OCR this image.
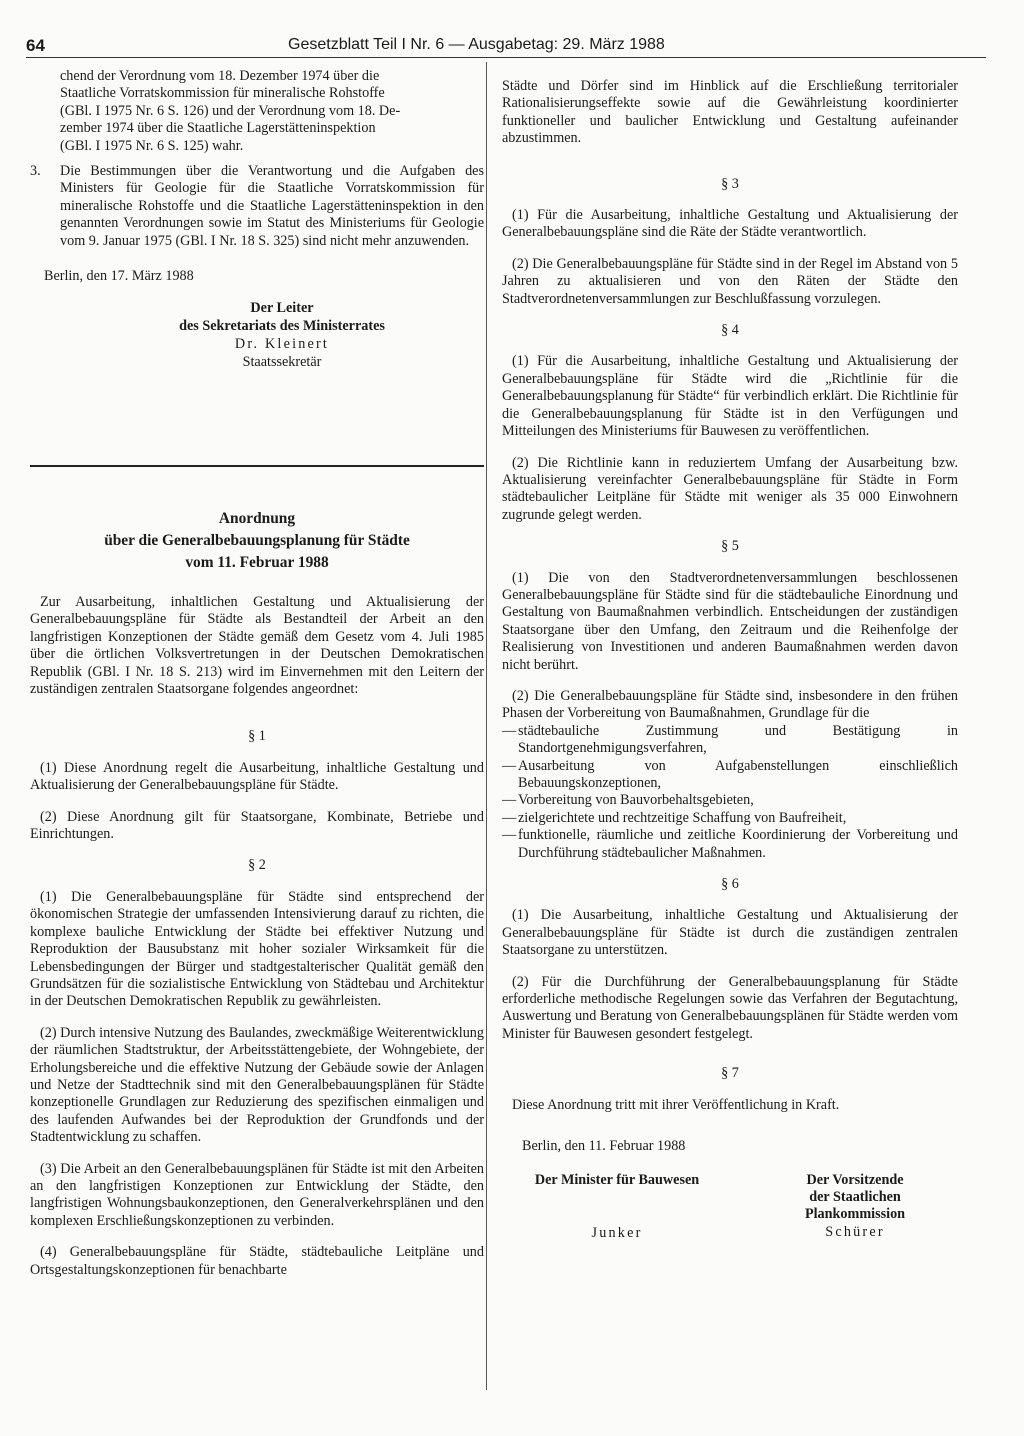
64	Gesetzblatt Teil I Nr. 6 — Ausgabetag: 29. März 1988
chend der Verordnung vom 18. Dezember 1974 über die
Staatliche Vorratskommission für mineralische Rohstoffe
(GBl. I 1975 Nr. 6 S. 126) und der Verordnung vom 18. De-
zember 1974 über die Staatliche Lagerstätteninspektion
(GBl. I 1975 Nr. 6 S. 125) wahr.
3.	Die Bestimmungen über die Verantwortung und die Aufgaben des Ministers für Geologie für die Staatliche Vorratskommission für mineralische Rohstoffe und die Staatliche Lagerstätteninspektion in den genannten Verordnungen sowie im Statut des Ministeriums für Geologie vom 9. Januar 1975 (GBl. I Nr. 18 S. 325) sind nicht mehr anzuwenden.
Berlin, den 17. März 1988
Der Leiter
des Sekretariats des Ministerrates
Dr. Kleinert
Staatssekretär

Anordnung

über die Generalbebauungsplanung für Städte

vom 11. Februar 1988

Zur Ausarbeitung, inhaltlichen Gestaltung und Aktualisierung der Generalbebauungspläne für Städte als Bestandteil der Arbeit an den langfristigen Konzeptionen der Städte gemäß dem Gesetz vom 4. Juli 1985 über die örtlichen Volksvertretungen in der Deutschen Demokratischen Republik (GBl. I Nr. 18 S. 213) wird im Einvernehmen mit den Leitern der zuständigen zentralen Staatsorgane folgendes angeordnet:

§ 1

(1) Diese Anordnung regelt die Ausarbeitung, inhaltliche Gestaltung und Aktualisierung der Generalbebauungspläne für Städte.

(2) Diese Anordnung gilt für Staatsorgane, Kombinate, Betriebe und Einrichtungen.

§ 2

(1) Die Generalbebauungspläne für Städte sind entsprechend der ökonomischen Strategie der umfassenden Intensivierung darauf zu richten, die komplexe bauliche Entwicklung der Städte bei effektiver Nutzung und Reproduktion der Bausubstanz mit hoher sozialer Wirksamkeit für die Lebensbedingungen der Bürger und stadtgestalterischer Qualität gemäß den Grundsätzen für die sozialistische Entwicklung von Städtebau und Architektur in der Deutschen Demokratischen Republik zu gewährleisten.

(2) Durch intensive Nutzung des Baulandes, zweckmäßige Weiterentwicklung der räumlichen Stadtstruktur, der Arbeitsstättengebiete, der Wohngebiete, der Erholungsbereiche und die effektive Nutzung der Gebäude sowie der Anlagen und Netze der Stadttechnik sind mit den Generalbebauungsplänen für Städte konzeptionelle Grundlagen zur Reduzierung des spezifischen einmaligen und des laufenden Aufwandes bei der Reproduktion der Grundfonds und der Stadtentwicklung zu schaffen.

(3) Die Arbeit an den Generalbebauungsplänen für Städte ist mit den Arbeiten an den langfristigen Konzeptionen zur Entwicklung der Städte, den langfristigen Wohnungsbaukonzeptionen, den Generalverkehrsplänen und den komplexen Erschließungskonzeptionen zu verbinden.

(4) Generalbebauungspläne für Städte, städtebauliche Leitpläne und Ortsgestaltungskonzeptionen für benachbarte

Städte und Dörfer sind im Hinblick auf die Erschließung territorialer Rationalisierungseffekte sowie auf die Gewährleistung koordinierter funktioneller und baulicher Entwicklung und Gestaltung aufeinander abzustimmen.

§ 3

(1) Für die Ausarbeitung, inhaltliche Gestaltung und Aktualisierung der Generalbebauungspläne sind die Räte der Städte verantwortlich.

(2) Die Generalbebauungspläne für Städte sind in der Regel im Abstand von 5 Jahren zu aktualisieren und von den Räten der Städte den Stadtverordnetenversammlungen zur Beschlußfassung vorzulegen.

§ 4

(1) Für die Ausarbeitung, inhaltliche Gestaltung und Aktualisierung der Generalbebauungspläne für Städte wird die „Richtlinie für die Generalbebauungsplanung für Städte“ für verbindlich erklärt. Die Richtlinie für die Generalbebauungsplanung für Städte ist in den Verfügungen und Mitteilungen des Ministeriums für Bauwesen zu veröffentlichen.

(2) Die Richtlinie kann in reduziertem Umfang der Ausarbeitung bzw. Aktualisierung vereinfachter Generalbebauungspläne für Städte in Form städtebaulicher Leitpläne für Städte mit weniger als 35 000 Einwohnern zugrunde gelegt werden.

§ 5

(1) Die von den Stadtverordnetenversammlungen beschlossenen Generalbebauungspläne für Städte sind für die städtebauliche Einordnung und Gestaltung von Baumaßnahmen verbindlich. Entscheidungen der zuständigen Staatsorgane über den Umfang, den Zeitraum und die Reihenfolge der Realisierung von Investitionen und anderen Baumaßnahmen werden davon nicht berührt.

(2) Die Generalbebauungspläne für Städte sind, insbesondere in den frühen Phasen der Vorbereitung von Baumaßnahmen, Grundlage für die

— städtebauliche Zustimmung und Bestätigung in Standortgenehmigungsverfahren,
— Ausarbeitung von Aufgabenstellungen einschließlich Bebauungskonzeptionen,
— Vorbereitung von Bauvorbehaltsgebieten,
— zielgerichtete und rechtzeitige Schaffung von Baufreiheit,
— funktionelle, räumliche und zeitliche Koordinierung der Vorbereitung und Durchführung städtebaulicher Maßnahmen.

§ 6

(1) Die Ausarbeitung, inhaltliche Gestaltung und Aktualisierung der Generalbebauungspläne für Städte ist durch die zuständigen zentralen Staatsorgane zu unterstützen.

(2) Für die Durchführung der Generalbebauungsplanung für Städte erforderliche methodische Regelungen sowie das Verfahren der Begutachtung, Auswertung und Beratung von Generalbebauungsplänen für Städte werden vom Minister für Bauwesen gesondert festgelegt.

§ 7

Diese Anordnung tritt mit ihrer Veröffentlichung in Kraft.

Berlin, den 11. Februar 1988
Der Minister für Bauwesen
Junker
Der Vorsitzende
der Staatlichen
Plankommission
Schürer
